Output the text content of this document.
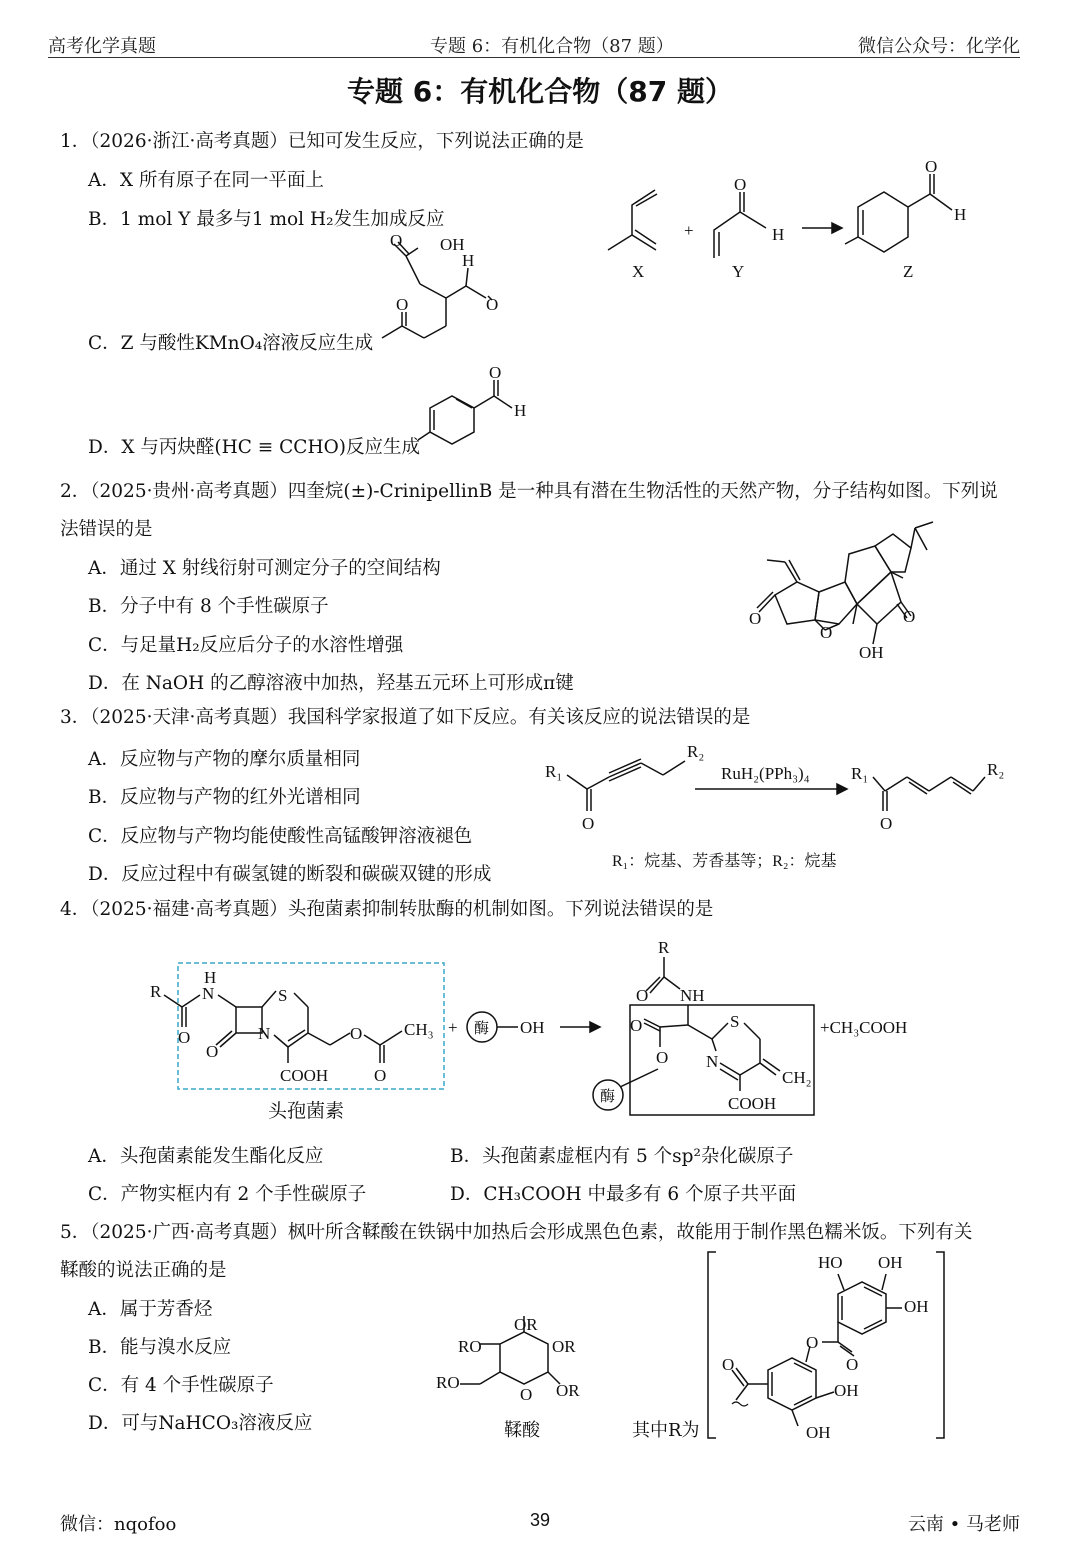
高考化学真题	专题 6：有机化合物（87 题）	微信公众号：化学化
专题 6：有机化合物（87 题）
1．（2026·浙江·高考真题）已知可发生反应，下列说法正确的是
A．X 所有原子在同一平面上
B．1 mol Y 最多与1 mol H₂发生加成反应
C．Z 与酸性KMnO₄溶液反应生成
D．X 与丙炔醛(HC ≡ CCHO)反应生成
+
O
H
O
H
X	Y	Z
O OH
H
O
O
O
H
2．（2025·贵州·高考真题）四奎烷(±)-CrinipellinB 是一种具有潜在生物活性的天然产物，分子结构如图。下列说
法错误的是
A．通过 X 射线衍射可测定分子的空间结构
B．分子中有 8 个手性碳原子
C．与足量H₂反应后分子的水溶性增强
D．在 NaOH 的乙醇溶液中加热，羟基五元环上可形成π键
O
O
O
OH
3．（2025·天津·高考真题）我国科学家报道了如下反应。有关该反应的说法错误的是
A．反应物与产物的摩尔质量相同
B．反应物与产物的红外光谱相同
C．反应物与产物均能使酸性高锰酸钾溶液褪色
D．反应过程中有碳氢键的断裂和碳碳双键的形成
R₁
R₂
O
RuH₂(PPh₃)₄ R₁	R₂
O
R₁：烷基、芳香基等；R₂：烷基
4．（2025·福建·高考真题）头孢菌素抑制转肽酶的机制如图。下列说法错误的是
R
O
H
N
O
N
S
COOH
O
O
CH₃ + 酶 OH
R
O NH
O
O
酶
S
CH₂
N
COOH
+CH₃COOH
头孢菌素
A．头孢菌素能发生酯化反应	B．头孢菌素虚框内有 5 个sp²杂化碳原子
C．产物实框内有 2 个手性碳原子	D．CH₃COOH 中最多有 6 个原子共平面
5．（2025·广西·高考真题）枫叶所含鞣酸在铁锅中加热后会形成黑色色素，故能用于制作黑色糯米饭。下列有关
鞣酸的说法正确的是
A．属于芳香烃
B．能与溴水反应
C．有 4 个手性碳原子
D．可与NaHCO₃溶液反应
OR
RO	OR
OR
O
RO
鞣酸	其中R为
HO OH
OH
O
O
OH
OH
O
微信：nqofoo	39	云南 • 马老师
